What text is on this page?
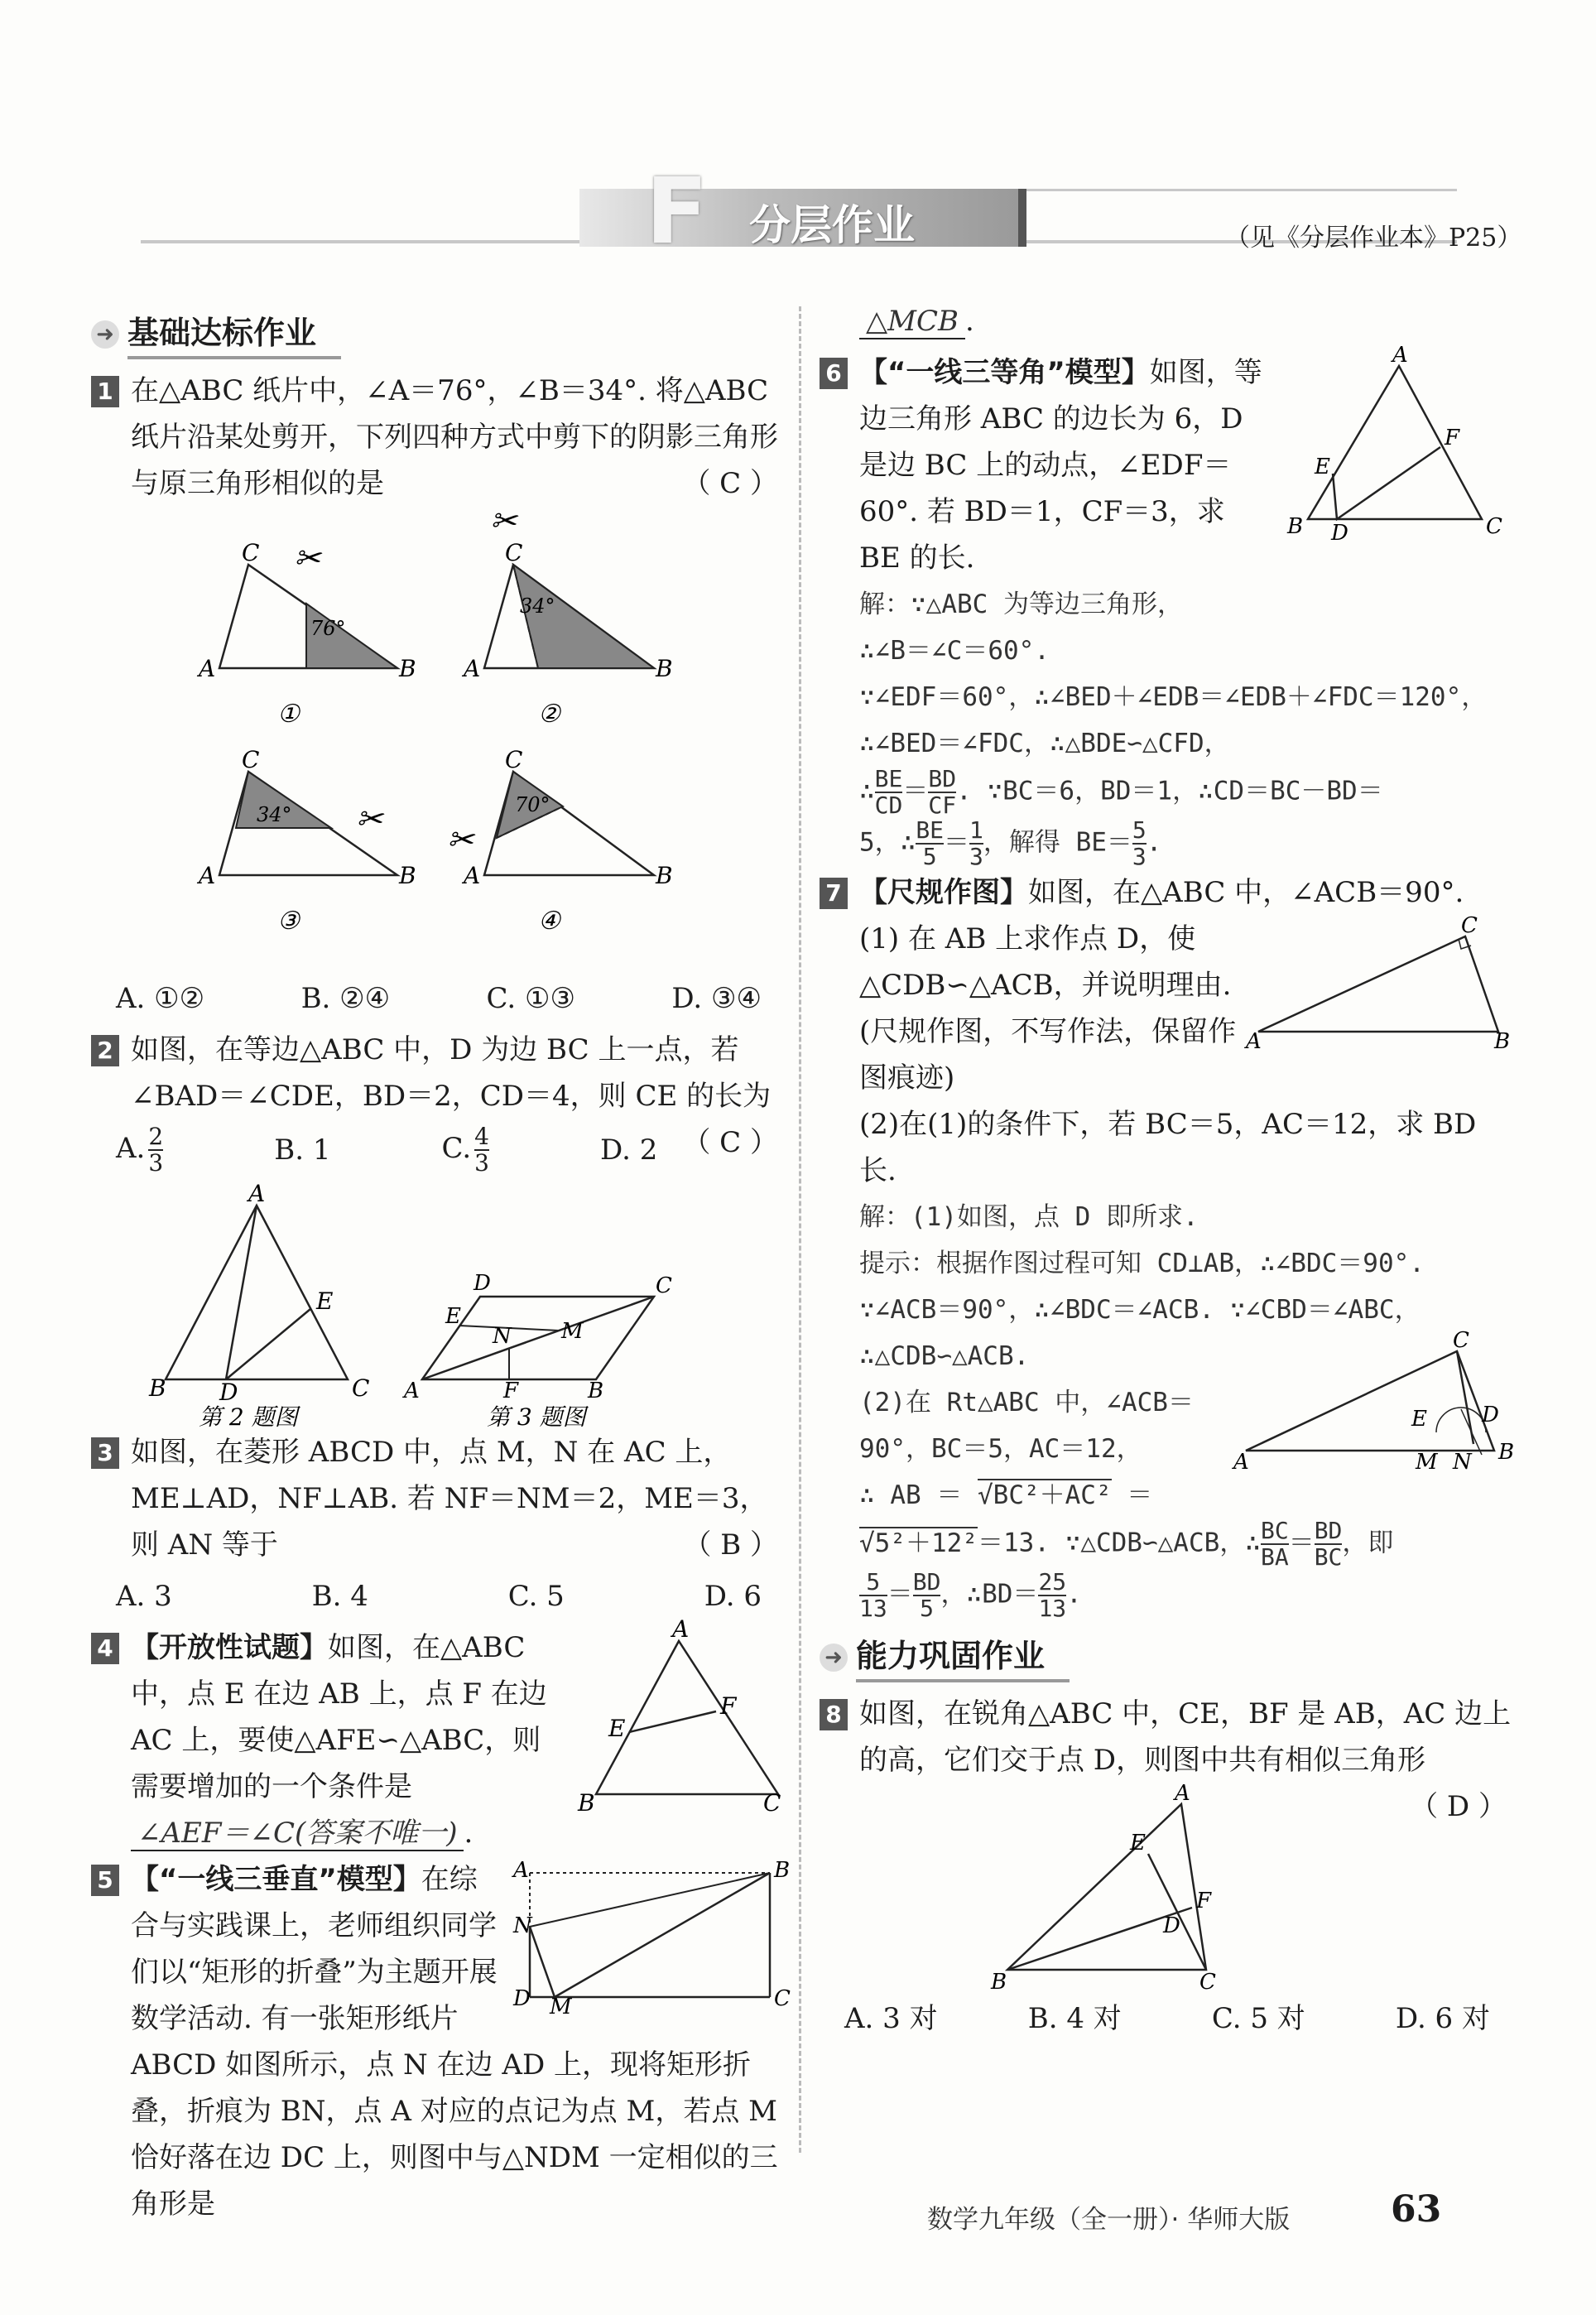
F 分层作业	（见《分层作业本》P25）
➜ 基础达标作业
1 在△ABC 纸片中，∠A＝76°，∠B＝34°. 将△ABC 纸片沿某处剪开，下列四种方式中剪下的阴影三角形与原三角形相似的是	（ C ）
C
A	B
76°
✂
①
C
A	B
34°
✂
②
C
A	B
34° ✂
③
C
A	B
70°
✂
④
A. ①②	B. ②④	C. ①③	D. ③④
2 如图，在等边△ABC 中，D 为边 BC 上一点，若∠BAD＝∠CDE，BD＝2，CD＝4，则 CE 的长为
（ C ）
A. $\frac{2}{3}$	B. 1	C. $\frac{4}{3}$	D. 2
A
B D	C
E
第 2 题图
D	C
A	F	B
E
N M
第 3 题图
3 如图，在菱形 ABCD 中，点 M，N 在 AC 上，ME⊥AD，NF⊥AB. 若 NF＝NM＝2，ME＝3，则 AN 等于	（ B ）
A. 3	B. 4	C. 5	D. 6
4 【开放性试题】如图，在△ABC 中，点 E 在边 AB 上，点 F 在边 AC 上，要使△AFE∽△ABC，则需要增加的一个条件是
A
E
F
B	C
∠AEF＝∠C(答案不唯一) .
5	A	B
N
D M	C
【“一线三垂直”模型】在综合与实践课上，老师组织同学们以“矩形的折叠”为主题开展数学活动. 有一张矩形纸片 ABCD 如图所示，点 N 在边 AD 上，现将矩形折叠，折痕为 BN，点 A 对应的点记为点 M，若点 M 恰好落在边 DC 上，则图中与△NDM 一定相似的三角形是
△MCB .
6 【“一线三等角”模型】如图，等边三角形 ABC 的边长为 6，D 是边 BC 上的动点，∠EDF＝60°. 若 BD＝1，CF＝3，求 BE 的长.
A
E
F
B D	C
解：∵△ABC 为等边三角形，
∴∠B＝∠C＝60°.
∵∠EDF＝60°，∴∠BED＋∠EDB＝∠EDB＋∠FDC＝120°，
∴∠BED＝∠FDC，∴△BDE∽△CFD，
∴ $\frac{BE}{CD} = \frac{BD}{CF}$ . ∵BC＝6，BD＝1，∴CD＝BC－BD＝
5，∴ $\frac{BE}{5} = \frac{1}{3}$ ，解得 $BE= \frac{5}{3}$ .
7 【尺规作图】如图，在△ABC 中，∠ACB＝90°.
(1) 在 AB 上求作点 D，使△CDB∽△ACB，并说明理由. (尺规作图，不写作法，保留作图痕迹)
C
A	B
(2)在(1)的条件下，若 BC＝5，AC＝12，求 BD 长.
解：(1)如图，点 D 即所求.
提示：根据作图过程可知 CD⊥AB，∴∠BDC＝90°.
∵∠ACB＝90°，∴∠BDC＝∠ACB. ∵∠CBD＝∠ABC，∴△CDB∽△ACB.
(2)在 Rt△ABC 中，∠ACB＝90°，BC＝5，AC＝12，
C
A
E
M N
D
B
∴ AB ＝ √BC²＋AC² ＝
√5²＋12²＝13. ∵△CDB∽△ACB，∴ $\frac{BC}{BA} = \frac{BD}{BC}$ ，即
$\frac{5}{13} = \frac{BD}{5}$ ，∴BD＝ $\frac{25}{13}$ .
➜ 能力巩固作业
8 如图，在锐角△ABC 中，CE，BF 是 AB，AC 边上的高，它们交于点 D，则图中共有相似三角形
（ D ）
A
E
F
D
B	C
A. 3 对	B. 4 对	C. 5 对	D. 6 对
数学九年级（全一册）· 华师大版	63
